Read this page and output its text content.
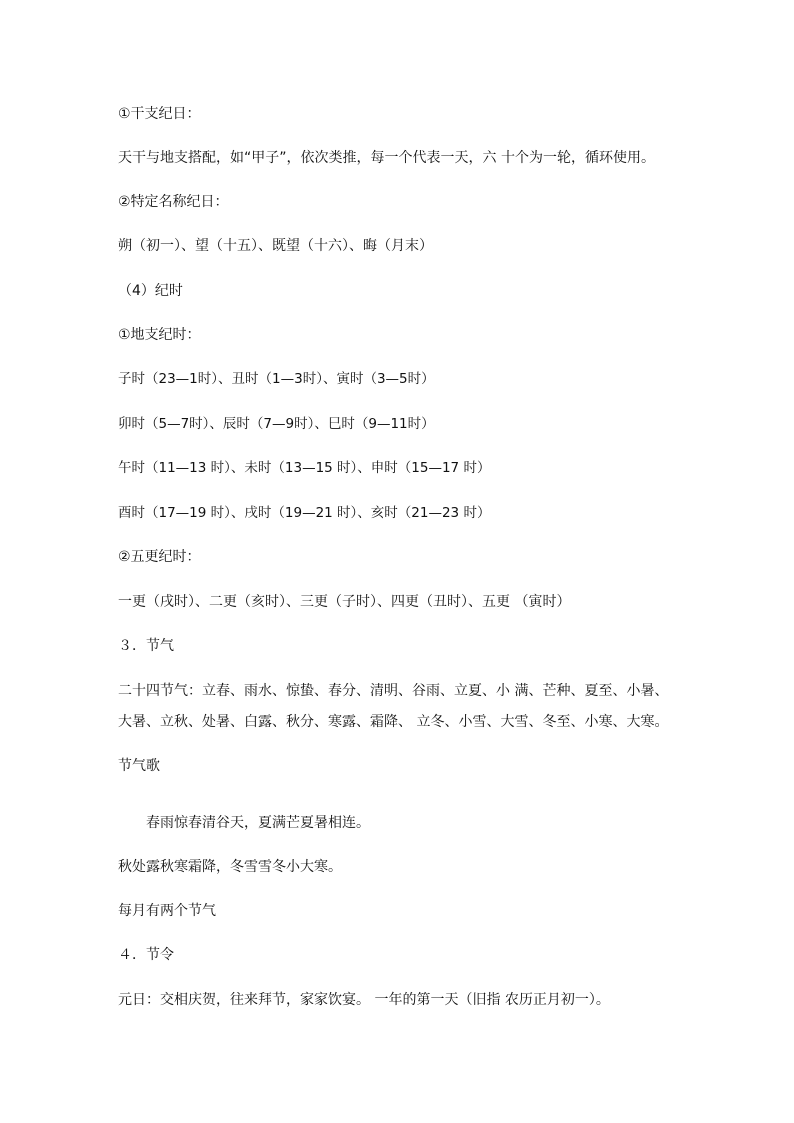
①干支纪日：
天干与地支搭配，如“甲子”，依次类推，每一个代表一天，六 十个为一轮，循环使用。
②特定名称纪日：
朔（初一）、望（十五）、既望（十六）、晦（月末）
（4）纪时
①地支纪时：
子时（23—1时）、丑时（1—3时）、寅时（3—5时）
卯时（5—7时）、辰时（7—9时）、巳时（9—11时）
午时（11—13 时）、未时（13—15 时）、申时（15—17 时）
酉时（17—19 时）、戌时（19—21 时）、亥时（21—23 时）
②五更纪时：
一更（戌时）、二更（亥时）、三更（子时）、四更（丑时）、五更 （寅时）
３．节气
二十四节气：立春、雨水、惊蛰、春分、清明、谷雨、立夏、小 满、芒种、夏至、小暑、
大暑、立秋、处暑、白露、秋分、寒露、霜降、 立冬、小雪、大雪、冬至、小寒、大寒。
节气歌
春雨惊春清谷天，夏满芒夏暑相连。
秋处露秋寒霜降，冬雪雪冬小大寒。
每月有两个节气
４．节令
元日：交相庆贺，往来拜节，家家饮宴。 一年的第一天（旧指 农历正月初一）。
